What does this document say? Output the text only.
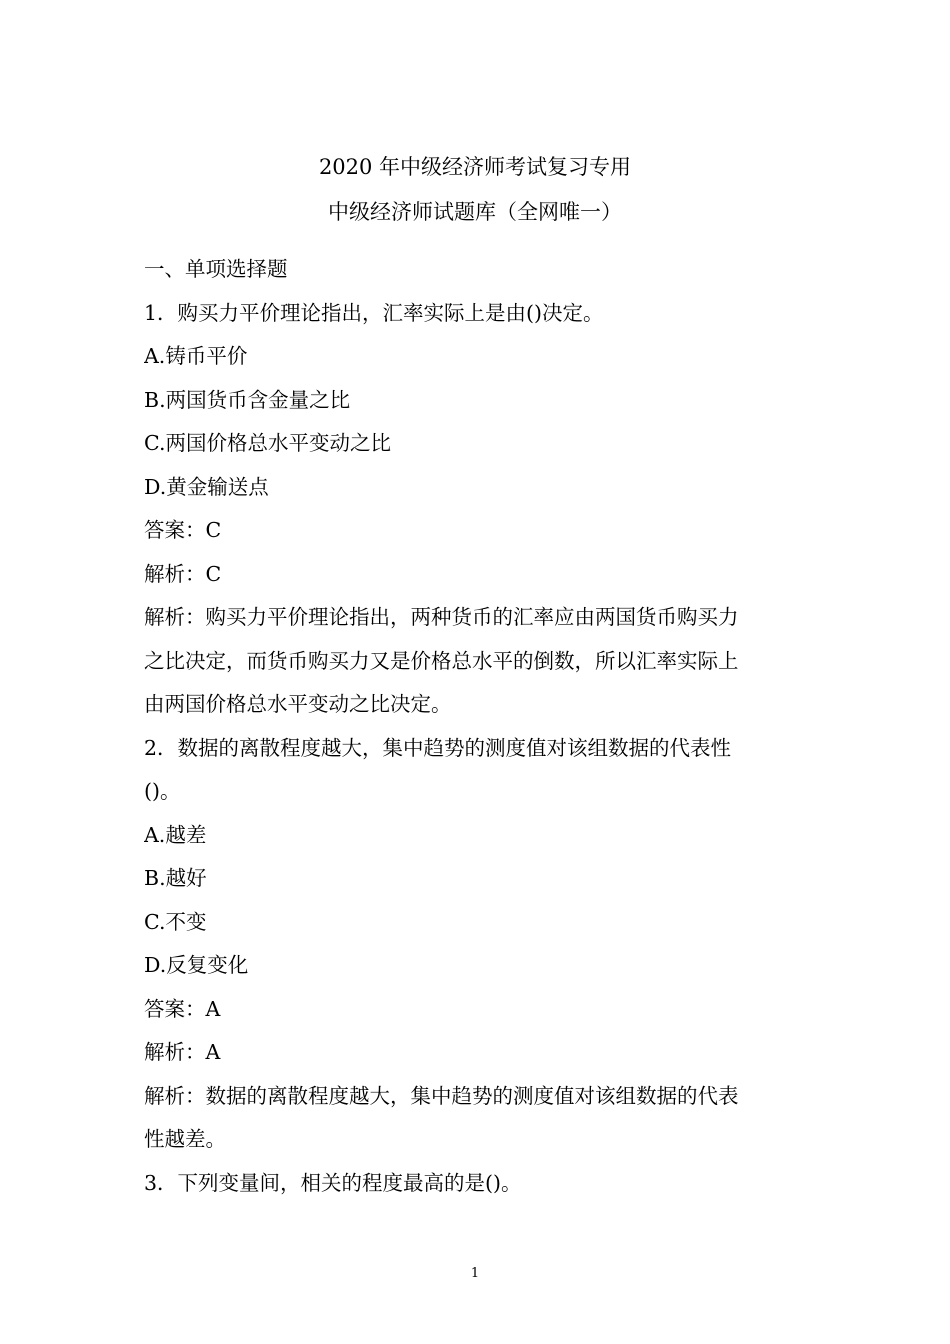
2020 年中级经济师考试复习专用
中级经济师试题库（全网唯一）
一、单项选择题
1．购买力平价理论指出，汇率实际上是由()决定。
A.铸币平价
B.两国货币含金量之比
C.两国价格总水平变动之比
D.黄金输送点
答案：C
解析：C
解析：购买力平价理论指出，两种货币的汇率应由两国货币购买力
之比决定，而货币购买力又是价格总水平的倒数，所以汇率实际上
由两国价格总水平变动之比决定。
2．数据的离散程度越大，集中趋势的测度值对该组数据的代表性
()。
A.越差
B.越好
C.不变
D.反复变化
答案：A
解析：A
解析：数据的离散程度越大，集中趋势的测度值对该组数据的代表
性越差。
3．下列变量间，相关的程度最高的是()。
1
